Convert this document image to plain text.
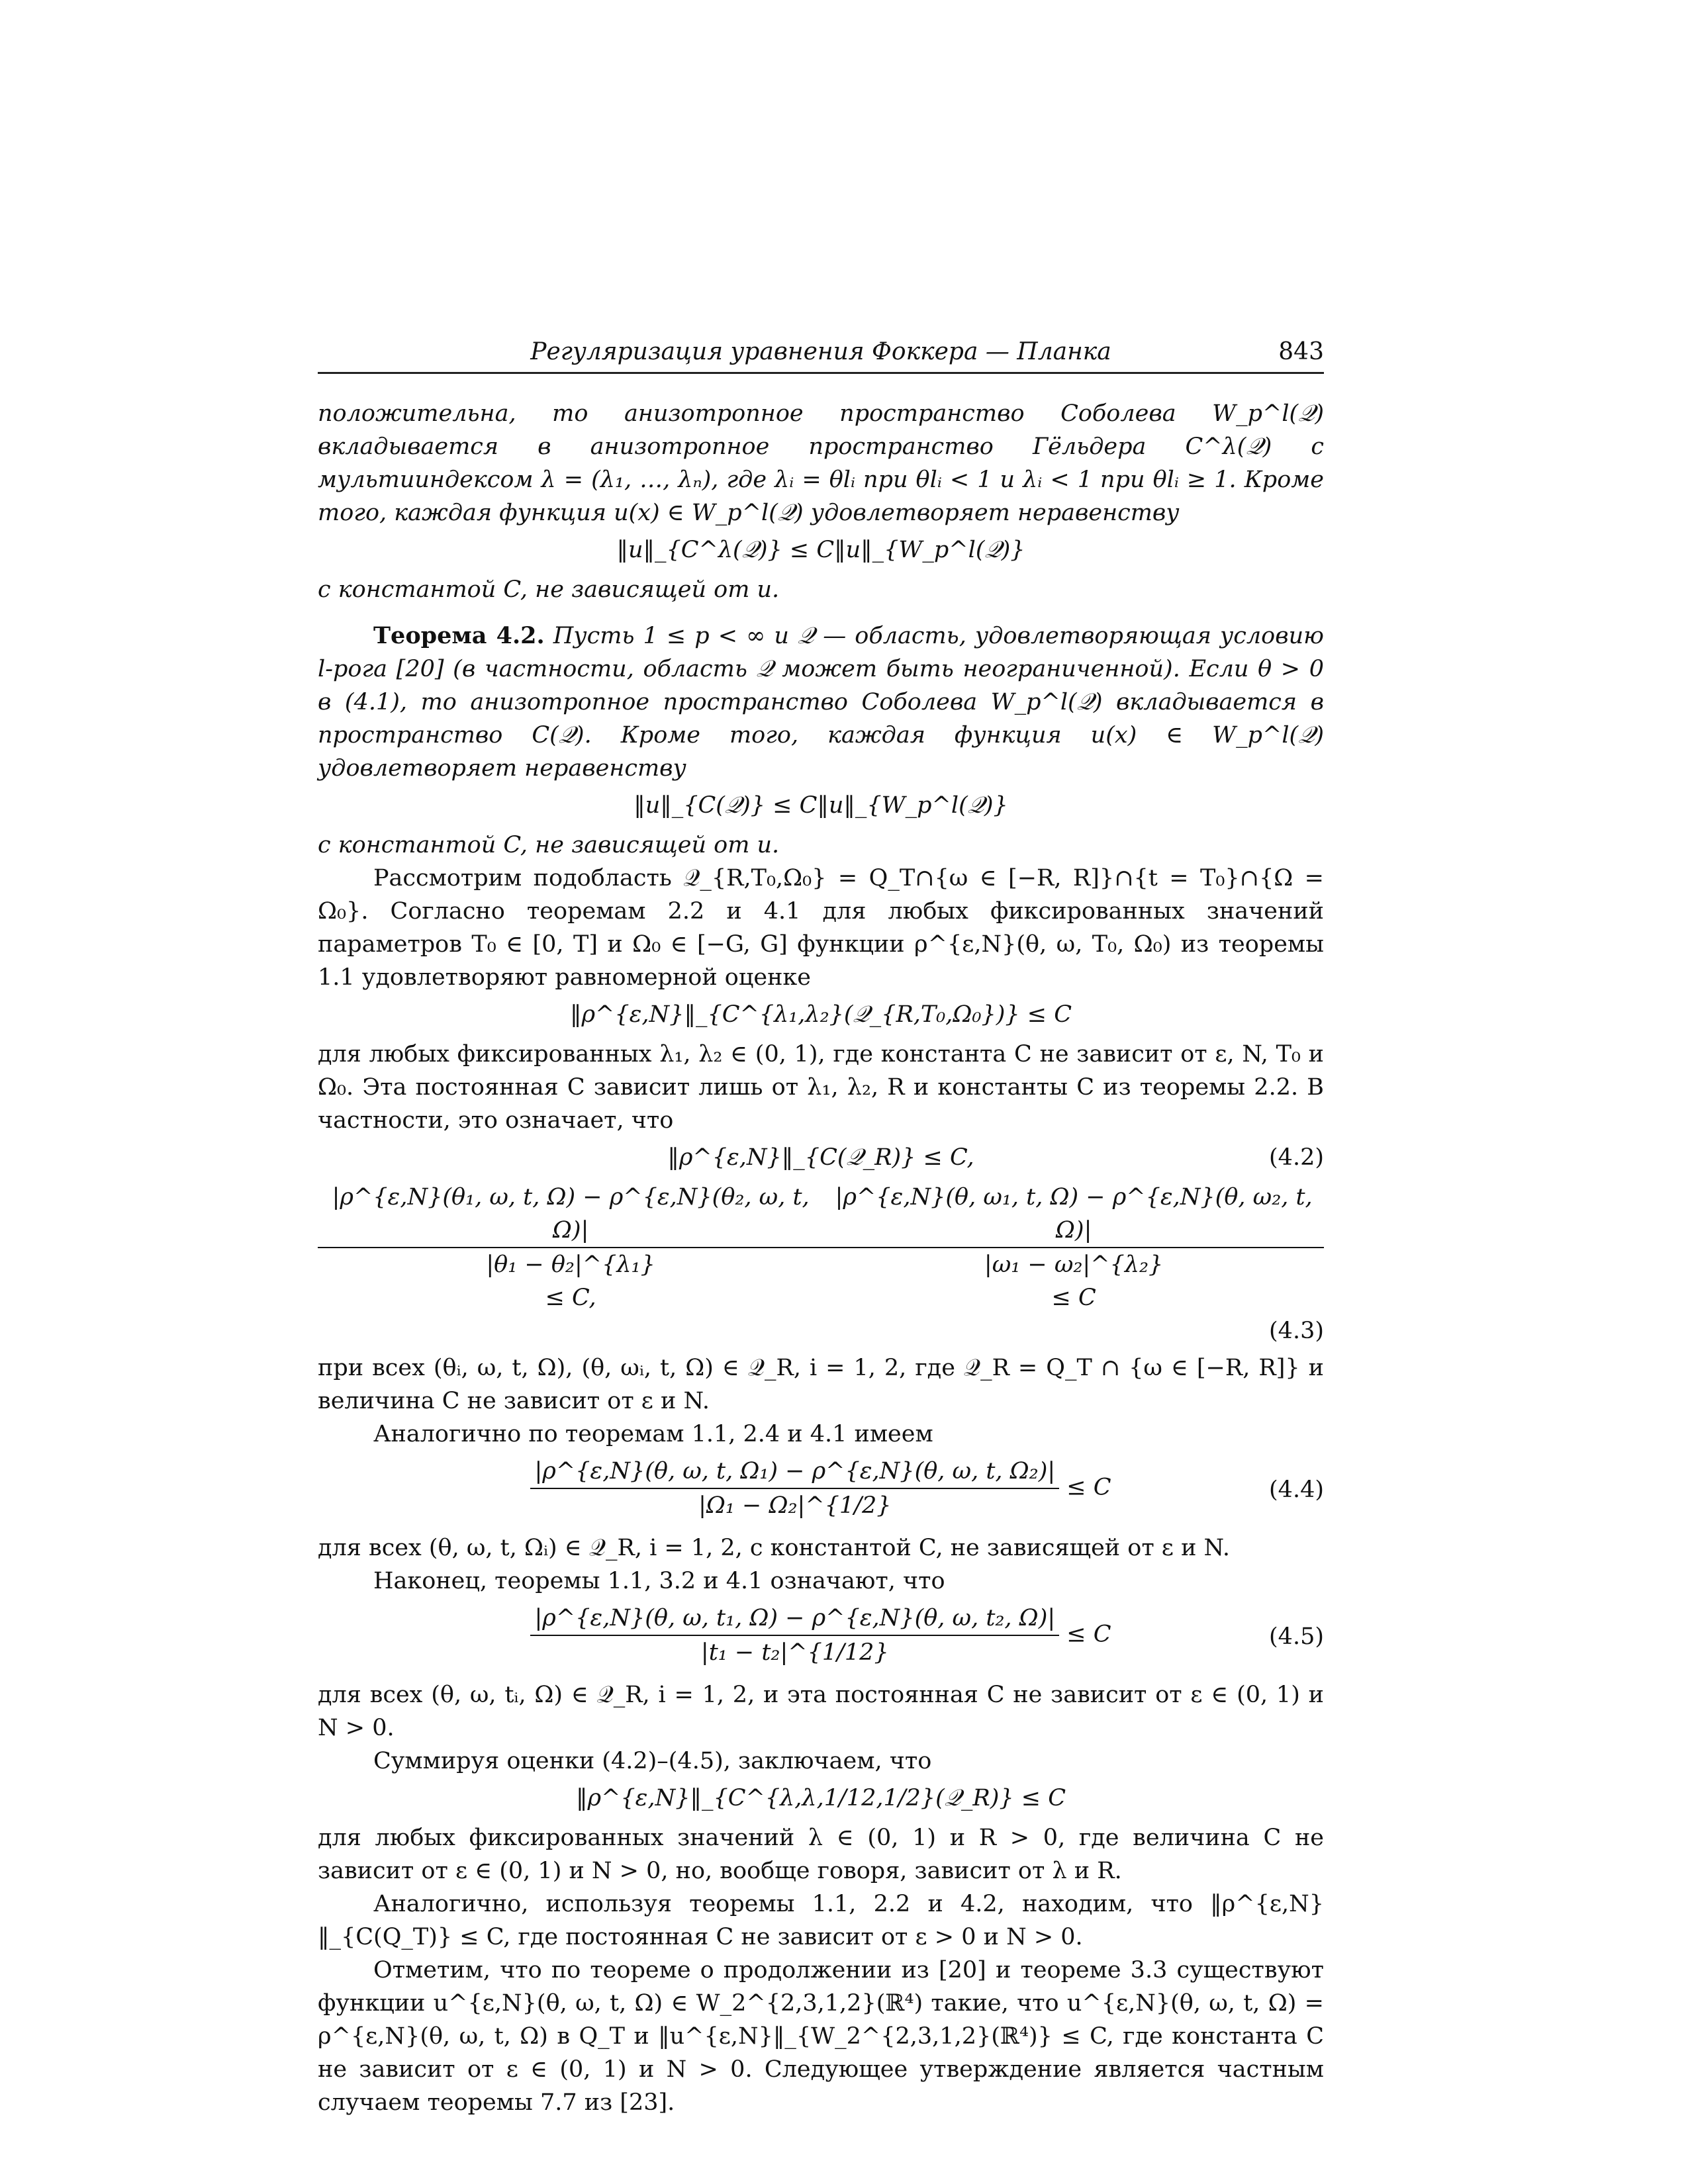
Регуляризация уравнения Фоккера — Планка	843

положительна, то анизотропное пространство Соболева W_p^l(𝒬) вкладывается в анизотропное пространство Гёльдера C^λ(𝒬) с мультииндексом λ = (λ₁, …, λₙ), где λᵢ = θlᵢ при θlᵢ < 1 и λᵢ < 1 при θlᵢ ≥ 1. Кроме того, каждая функция u(x) ∈ W_p^l(𝒬) удовлетворяет неравенству

‖u‖_{C^λ(𝒬)} ≤ C‖u‖_{W_p^l(𝒬)}

с константой C, не зависящей от u.

Теорема 4.2. Пусть 1 ≤ p < ∞ и 𝒬 — область, удовлетворяющая условию l-рога [20] (в частности, область 𝒬 может быть неограниченной). Если θ > 0 в (4.1), то анизотропное пространство Соболева W_p^l(𝒬) вкладывается в пространство C(𝒬). Кроме того, каждая функция u(x) ∈ W_p^l(𝒬) удовлетворяет неравенству

‖u‖_{C(𝒬)} ≤ C‖u‖_{W_p^l(𝒬)}

с константой C, не зависящей от u.

Рассмотрим подобласть 𝒬_{R,T₀,Ω₀} = Q_T∩{ω ∈ [−R, R]}∩{t = T₀}∩{Ω = Ω₀}. Согласно теоремам 2.2 и 4.1 для любых фиксированных значений параметров T₀ ∈ [0, T] и Ω₀ ∈ [−G, G] функции ρ^{ε,N}(θ, ω, T₀, Ω₀) из теоремы 1.1 удовлетворяют равномерной оценке

‖ρ^{ε,N}‖_{C^{λ₁,λ₂}(𝒬_{R,T₀,Ω₀})} ≤ C

для любых фиксированных λ₁, λ₂ ∈ (0, 1), где константа C не зависит от ε, N, T₀ и Ω₀. Эта постоянная C зависит лишь от λ₁, λ₂, R и константы C из теоремы 2.2. В частности, это означает, что

‖ρ^{ε,N}‖_{C(𝒬_R)} ≤ C,	(4.2)
$\frac{\text{|ρ\textasciicircum{}\{ε,N\}(θ₁, ω, t, Ω) − ρ\textasciicircum{}\{ε,N\}(θ₂, ω, t, Ω)|}}{\text{|θ₁ − θ₂|\textasciicircum{}\{λ₁\}}}$
≤ C,
$\frac{\text{|ρ\textasciicircum{}\{ε,N\}(θ, ω₁, t, Ω) − ρ\textasciicircum{}\{ε,N\}(θ, ω₂, t, Ω)|}}{\text{|ω₁ − ω₂|\textasciicircum{}\{λ₂\}}}$
≤ C
(4.3)

при всех (θᵢ, ω, t, Ω), (θ, ωᵢ, t, Ω) ∈ 𝒬_R, i = 1, 2, где 𝒬_R = Q_T ∩ {ω ∈ [−R, R]} и величина C не зависит от ε и N.

Аналогично по теоремам 1.1, 2.4 и 4.1 имеем

$\frac{\text{|ρ\textasciicircum{}\{ε,N\}(θ, ω, t, Ω₁) − ρ\textasciicircum{}\{ε,N\}(θ, ω, t, Ω₂)|}}{\text{|Ω₁ − Ω₂|\textasciicircum{}\{1/2\}}} \le C$	(4.4)

для всех (θ, ω, t, Ωᵢ) ∈ 𝒬_R, i = 1, 2, с константой C, не зависящей от ε и N.

Наконец, теоремы 1.1, 3.2 и 4.1 означают, что

$\frac{\text{|ρ\textasciicircum{}\{ε,N\}(θ, ω, t₁, Ω) − ρ\textasciicircum{}\{ε,N\}(θ, ω, t₂, Ω)|}}{\text{|t₁ − t₂|\textasciicircum{}\{1/12\}}} \le C$	(4.5)

для всех (θ, ω, tᵢ, Ω) ∈ 𝒬_R, i = 1, 2, и эта постоянная C не зависит от ε ∈ (0, 1) и N > 0.

Суммируя оценки (4.2)–(4.5), заключаем, что

‖ρ^{ε,N}‖_{C^{λ,λ,1/12,1/2}(𝒬_R)} ≤ C

для любых фиксированных значений λ ∈ (0, 1) и R > 0, где величина C не зависит от ε ∈ (0, 1) и N > 0, но, вообще говоря, зависит от λ и R.

Аналогично, используя теоремы 1.1, 2.2 и 4.2, находим, что ‖ρ^{ε,N}‖_{C(Q_T)} ≤ C, где постоянная C не зависит от ε > 0 и N > 0.

Отметим, что по теореме о продолжении из [20] и теореме 3.3 существуют функции u^{ε,N}(θ, ω, t, Ω) ∈ W_2^{2,3,1,2}(ℝ⁴) такие, что u^{ε,N}(θ, ω, t, Ω) = ρ^{ε,N}(θ, ω, t, Ω) в Q_T и ‖u^{ε,N}‖_{W_2^{2,3,1,2}(ℝ⁴)} ≤ C, где константа C не зависит от ε ∈ (0, 1) и N > 0. Следующее утверждение является частным случаем теоремы 7.7 из [23].
